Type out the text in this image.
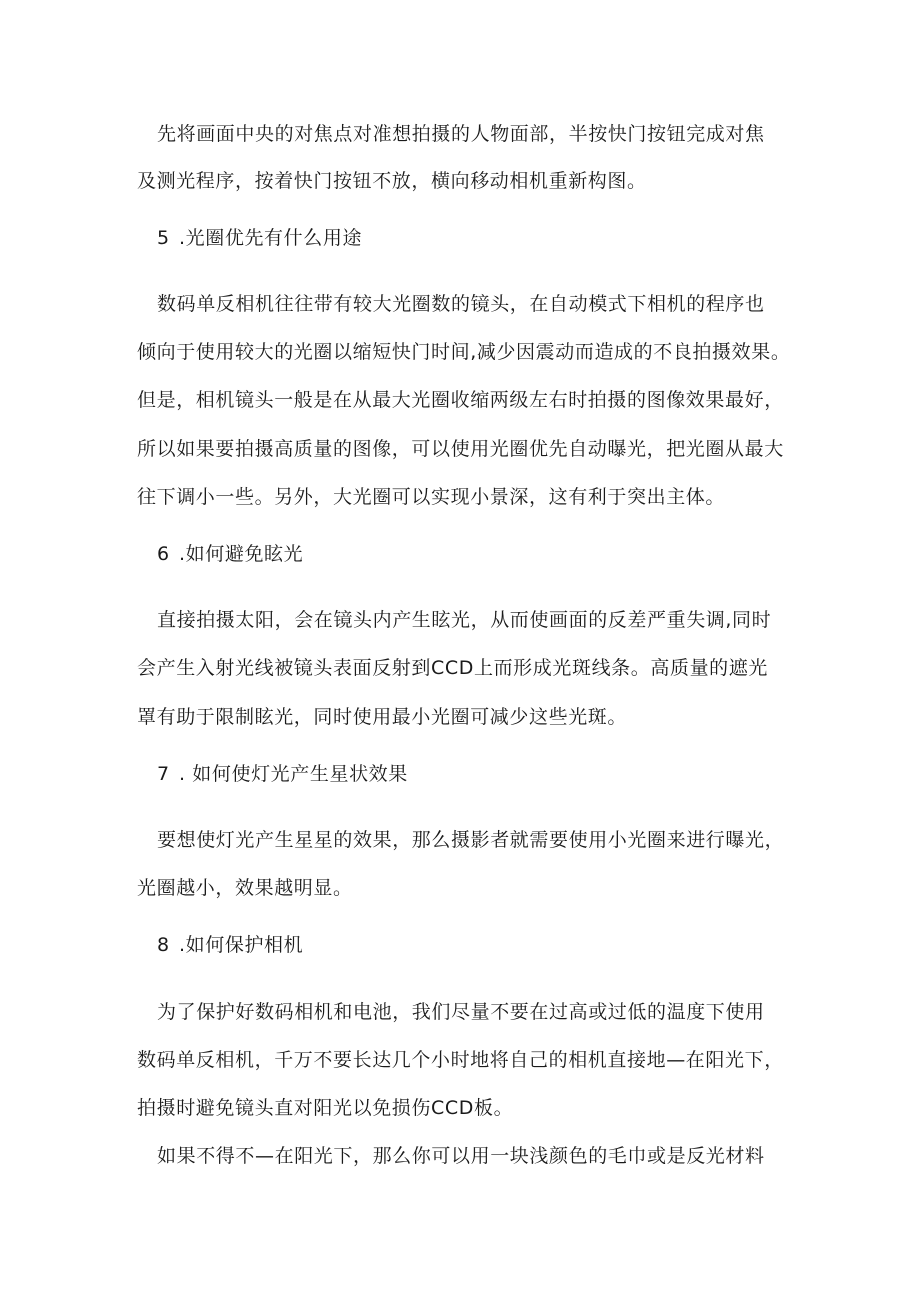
先将画面中央的对焦点对准想拍摄的人物面部，半按快门按钮完成对焦
及测光程序，按着快门按钮不放，横向移动相机重新构图。
5 .光圈优先有什么用途
数码单反相机往往带有较大光圈数的镜头，在自动模式下相机的程序也
倾向于使用较大的光圈以缩短快门时间,减少因震动而造成的不良拍摄效果。
但是，相机镜头一般是在从最大光圈收缩两级左右时拍摄的图像效果最好，
所以如果要拍摄高质量的图像，可以使用光圈优先自动曝光，把光圈从最大
往下调小一些。另外，大光圈可以实现小景深，这有利于突出主体。
6 .如何避免眩光
直接拍摄太阳，会在镜头内产生眩光，从而使画面的反差严重失调,同时
会产生入射光线被镜头表面反射到CCD上而形成光斑线条。高质量的遮光
罩有助于限制眩光，同时使用最小光圈可减少这些光斑。
7 . 如何使灯光产生星状效果
要想使灯光产生星星的效果，那么摄影者就需要使用小光圈来进行曝光，
光圈越小，效果越明显。
8 .如何保护相机
为了保护好数码相机和电池，我们尽量不要在过高或过低的温度下使用
数码单反相机，千万不要长达几个小时地将自己的相机直接地—在阳光下，
拍摄时避免镜头直对阳光以免损伤CCD板。
如果不得不—在阳光下，那么你可以用一块浅颜色的毛巾或是反光材料
